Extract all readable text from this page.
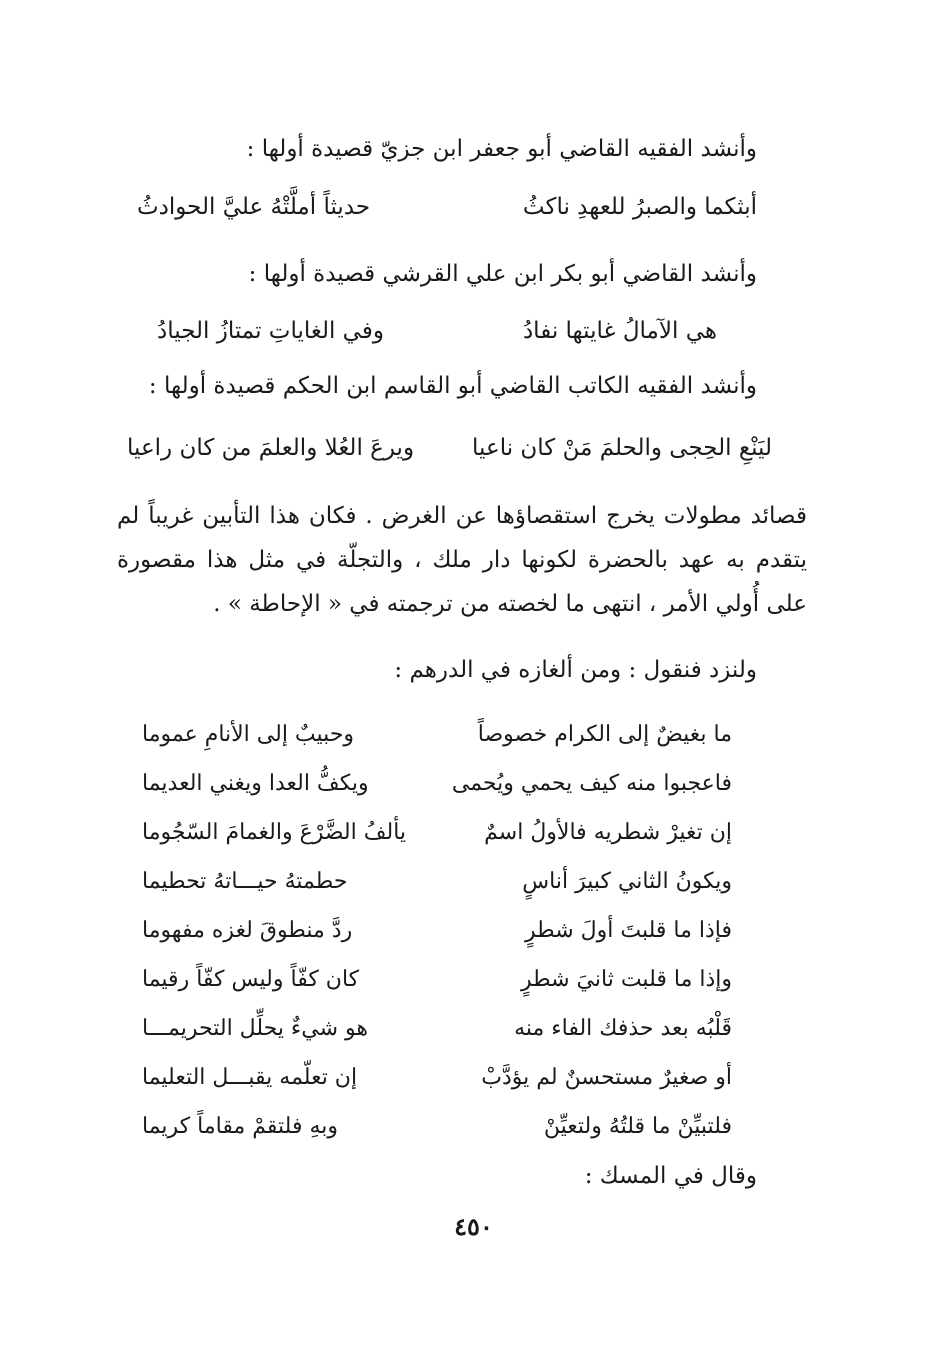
وأنشد الفقيه القاضي أبو جعفر ابن جزيّ قصيدة أولها :
أبثكما والصبرُ للعهدِ ناكثُ
حديثاً أملَّتْهُ عليَّ الحوادثُ
وأنشد القاضي أبو بكر ابن علي القرشي قصيدة أولها :
هي الآمالُ غايتها نفادُ
وفي الغاياتِ تمتازُ الجيادُ
وأنشد الفقيه الكاتب القاضي أبو القاسم ابن الحكم قصيدة أولها :
ليَنْعِ الحِجى والحلمَ مَنْ كان ناعيا
ويرعَ العُلا والعلمَ من كان راعيا
قصائد مطولات يخرج استقصاؤها عن الغرض . فكان هذا التأبين غريباً لم يتقدم به عهد بالحضرة لكونها دار ملك ، والتجلّة في مثل هذا مقصورة على أُولي الأمر ، انتهى ما لخصته من ترجمته في « الإحاطة » .
ولنزد فنقول : ومن ألغازه في الدرهم :
ما بغيضٌ إلى الكرام خصوصاً
وحبيبٌ إلى الأنامِ عموما
فاعجبوا منه كيف يحمي ويُحمى
ويكفُّ العدا ويغني العديما
إن تغيرْ شطريه فالأولُ اسمٌ
يألفُ الضَّرْعَ والغمامَ السّجُوما
ويكونُ الثاني كبيرَ أناسٍ
حطمتهُ حيـــاتهُ تحطيما
فإذا ما قلبتَ أولَ شطرٍ
ردَّ منطوقَ لغزه مفهوما
وإذا ما قلبت ثانيَ شطرٍ
كان كفّاً وليس كفّاً رقيما
قَلْبُه بعد حذفك الفاء منه
هو شيءٌ يحلِّل التحريمـــا
أو صغيرٌ مستحسنٌ لم يؤدَّبْ
إن تعلّمه يقبـــل التعليما
فلتبيِّنْ ما قلتُهُ ولتعيِّنْ
وبهِ فلتقمْ مقاماً كريما
وقال في المسك :
٤٥٠
